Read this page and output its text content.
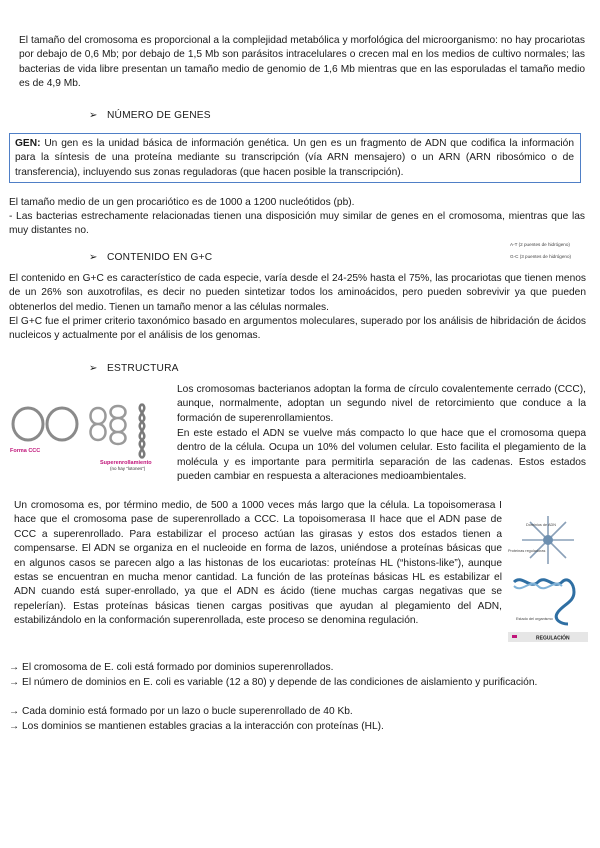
El tamaño del cromosoma es proporcional a la complejidad metabólica y morfológica del microorganismo: no hay procariotas por debajo de 0,6 Mb; por debajo de 1,5 Mb son parásitos intracelulares o crecen mal en los medios de cultivo normales; las bacterias de vida libre presentan un tamaño medio de genomio de 1,6 Mb mientras que en las esporuladas el tamaño medio es de 4,9 Mb.

➢ NÚMERO DE GENES

GEN: Un gen es la unidad básica de información genética. Un gen es un fragmento de ADN que codifica la información para la síntesis de una proteína mediante su transcripción (vía ARN mensajero) o un ARN (ARN ribosómico o de transferencia), incluyendo sus zonas reguladoras (que hacen posible la transcripción).

El tamaño medio de un gen procariótico es de 1000 a 1200 nucleótidos (pb).

- Las bacterias estrechamente relacionadas tienen una disposición muy similar de genes en el cromosoma, mientras que las muy distantes no.

➢ CONTENIDO EN G+C
A-T (2 puentes de hidrógeno)
G-C (3 puentes de hidrógeno)

El contenido en G+C es característico de cada especie, varía desde el 24-25% hasta el 75%, las procariotas que tienen menos de un 26% son auxotrofilas, es decir no pueden sintetizar todos los aminoácidos, pero pueden sobrevivir ya que pueden obtenerlos del medio. Tienen un tamaño menor a las células normales.

El G+C fue el primer criterio taxonómico basado en argumentos moleculares, superado por los análisis de hibridación de ácidos nucleicos y actualmente por el análisis de los genomas.

➢ ESTRUCTURA
Forma CCC
Superenrollamiento
(no hay “lotones”)

Los cromosomas bacterianos adoptan la forma de círculo covalentemente cerrado (CCC), aunque, normalmente, adoptan un segundo nivel de retorcimiento que conduce a la formación de superenrollamientos.

En este estado el ADN se vuelve más compacto lo que hace que el cromosoma quepa dentro de la célula. Ocupa un 10% del volumen celular. Esto facilita el plegamiento de la molécula y es importante para permitirla separación de las cadenas. Estos estados pueden cambiar en respuesta a alteraciones medioambientales.

Un cromosoma es, por término medio, de 500 a 1000 veces más largo que la célula. La topoisomerasa I hace que el cromosoma pase de superenrollado a CCC. La topoisomerasa II hace que el ADN pase de CCC a superenrollado. Para estabilizar el proceso actúan las girasas y estos dos estados tienen a compensarse. El ADN se organiza en el nucleoide en forma de lazos, uniéndose a proteínas básicas que en algunos casos se parecen algo a las histonas de los eucariotas: proteínas HL (“histons-like”), aunque estas se encuentran en mucha menor cantidad. La función de las proteínas básicas HL es estabilizar el ADN cuando está super-enrollado, ya que el ADN es ácido (tiene muchas cargas negativas que se repelerían). Estas proteínas básicas tienen cargas positivas que ayudan al plegamiento del ADN, estabilizándolo en la conformación superenrollada, este proceso se denomina regulación.

Dominios de ADN
Proteínas reguladoras
Estado del organismo
REGULACIÓN

→ El cromosoma de E. coli está formado por dominios superenrollados.

→ El número de dominios en E. coli es variable (12 a 80) y depende de las condiciones de aislamiento y purificación.

→ Cada dominio está formado por un lazo o bucle superenrollado de 40 Kb.

→ Los dominios se mantienen estables gracias a la interacción con proteínas (HL).
